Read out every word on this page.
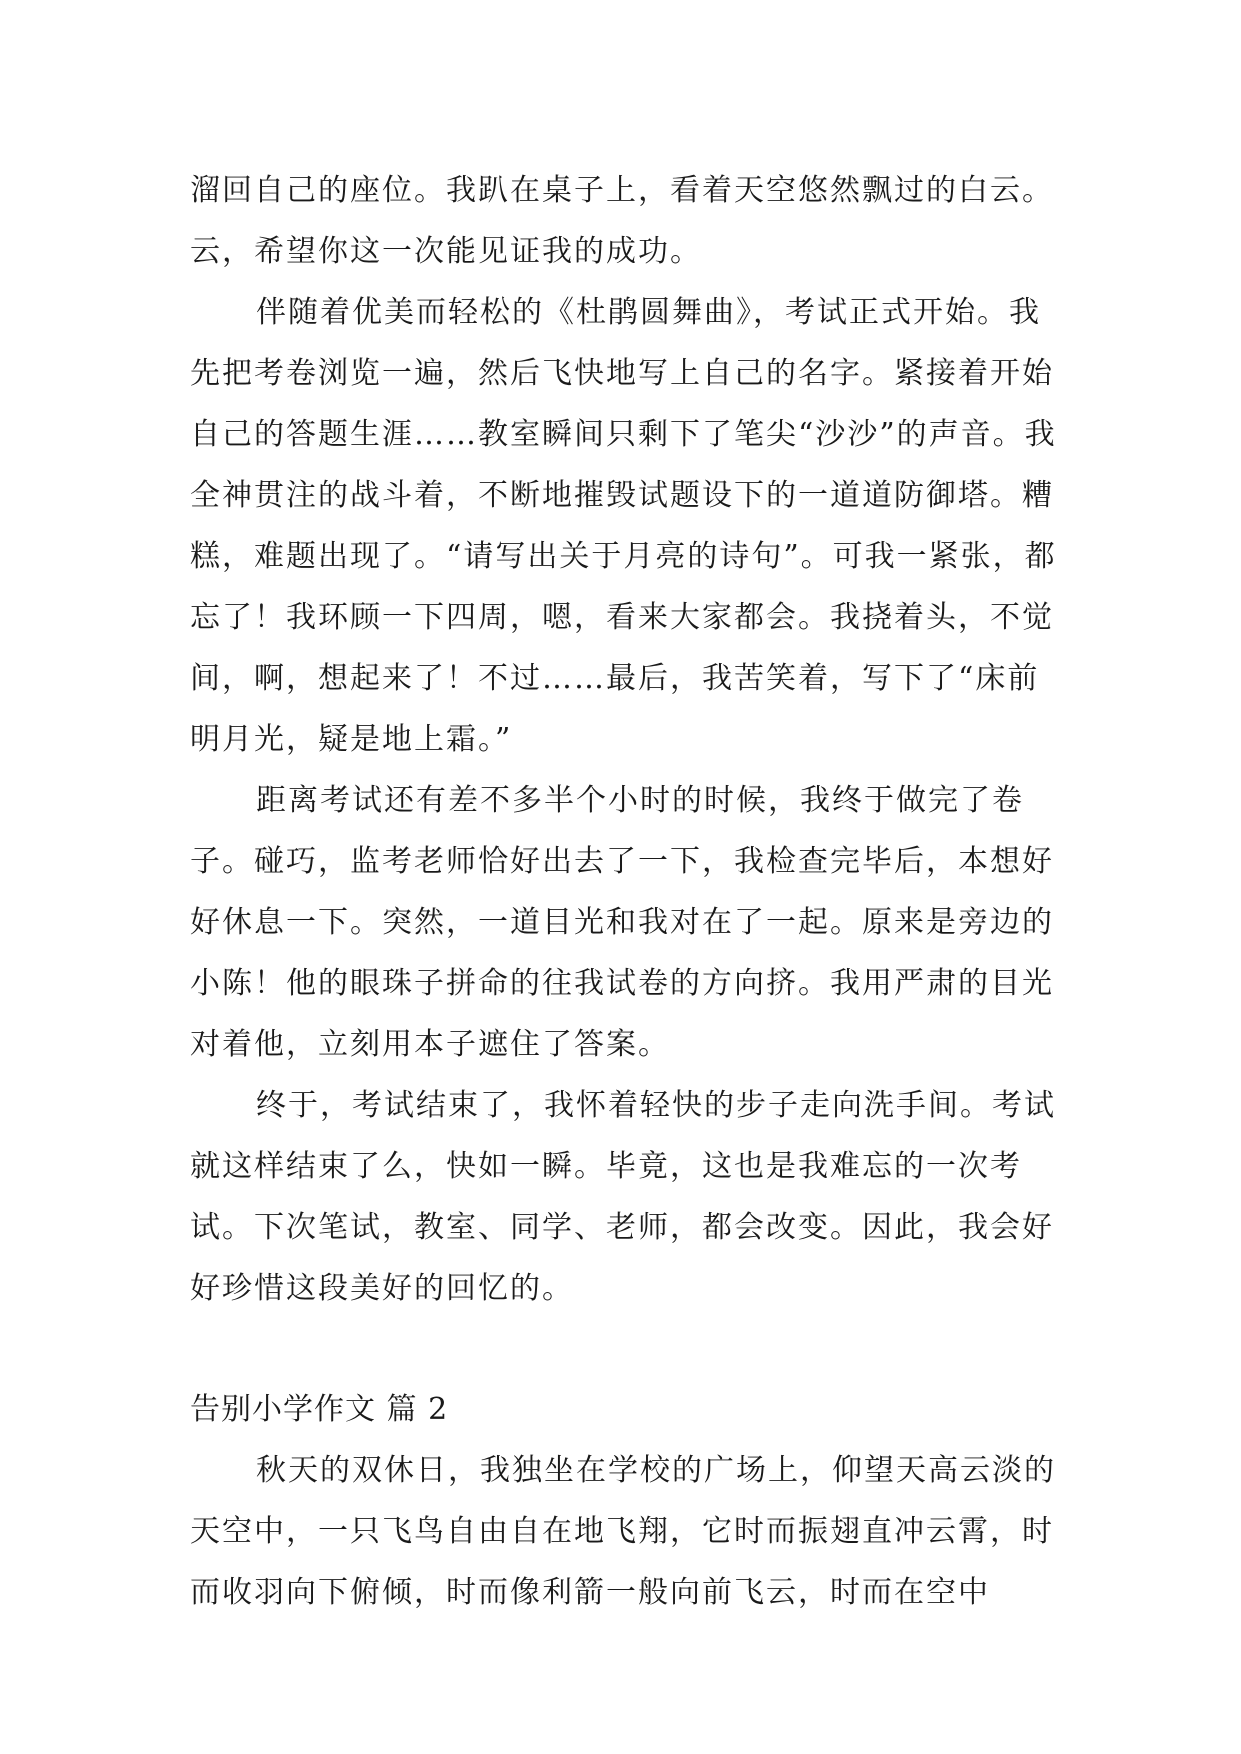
溜回自己的座位。我趴在桌子上，看着天空悠然飘过的白云。云，希望你这一次能见证我的成功。

伴随着优美而轻松的《杜鹃圆舞曲》，考试正式开始。我先把考卷浏览一遍，然后飞快地写上自己的名字。紧接着开始自己的答题生涯……教室瞬间只剩下了笔尖“沙沙”的声音。我全神贯注的战斗着，不断地摧毁试题设下的一道道防御塔。糟糕，难题出现了。“请写出关于月亮的诗句”。可我一紧张，都忘了！我环顾一下四周，嗯，看来大家都会。我挠着头，不觉间，啊，想起来了！不过……最后，我苦笑着，写下了“床前明月光，疑是地上霜。”

距离考试还有差不多半个小时的时候，我终于做完了卷子。碰巧，监考老师恰好出去了一下，我检查完毕后，本想好好休息一下。突然，一道目光和我对在了一起。原来是旁边的小陈！他的眼珠子拼命的往我试卷的方向挤。我用严肃的目光对着他，立刻用本子遮住了答案。

终于，考试结束了，我怀着轻快的步子走向洗手间。考试就这样结束了么，快如一瞬。毕竟，这也是我难忘的一次考试。下次笔试，教室、同学、老师，都会改变。因此，我会好好珍惜这段美好的回忆的。

告别小学作文 篇 2

秋天的双休日，我独坐在学校的广场上，仰望天高云淡的天空中，一只飞鸟自由自在地飞翔，它时而振翅直冲云霄，时而收羽向下俯倾，时而像利箭一般向前飞云，时而在空中
